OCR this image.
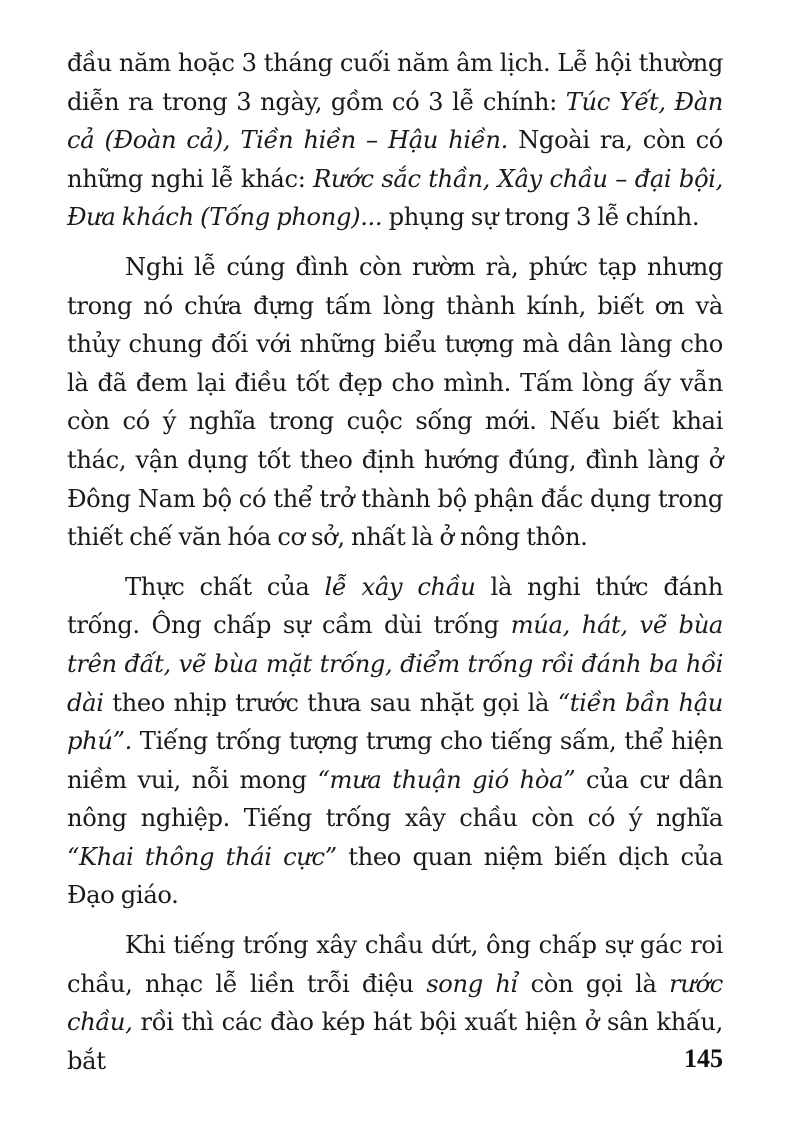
đầu năm hoặc 3 tháng cuối năm âm lịch. Lễ hội thường diễn ra trong 3 ngày, gồm có 3 lễ chính: Túc Yết, Đàn cả (Đoàn cả), Tiền hiền – Hậu hiền. Ngoài ra, còn có những nghi lễ khác: Rước sắc thần, Xây chầu – đại bội, Đưa khách (Tống phong)... phụng sự trong 3 lễ chính.

Nghi lễ cúng đình còn rườm rà, phức tạp nhưng trong nó chứa đựng tấm lòng thành kính, biết ơn và thủy chung đối với những biểu tượng mà dân làng cho là đã đem lại điều tốt đẹp cho mình. Tấm lòng ấy vẫn còn có ý nghĩa trong cuộc sống mới. Nếu biết khai thác, vận dụng tốt theo định hướng đúng, đình làng ở Đông Nam bộ có thể trở thành bộ phận đắc dụng trong thiết chế văn hóa cơ sở, nhất là ở nông thôn.

Thực chất của lễ xây chầu là nghi thức đánh trống. Ông chấp sự cầm dùi trống múa, hát, vẽ bùa trên đất, vẽ bùa mặt trống, điểm trống rồi đánh ba hồi dài theo nhịp trước thưa sau nhặt gọi là “tiền bần hậu phú”. Tiếng trống tượng trưng cho tiếng sấm, thể hiện niềm vui, nỗi mong “mưa thuận gió hòa” của cư dân nông nghiệp. Tiếng trống xây chầu còn có ý nghĩa “Khai thông thái cực” theo quan niệm biến dịch của Đạo giáo.

Khi tiếng trống xây chầu dứt, ông chấp sự gác roi chầu, nhạc lễ liền trỗi điệu song hỉ còn gọi là rước chầu, rồi thì các đào kép hát bội xuất hiện ở sân khấu, bắt	145
